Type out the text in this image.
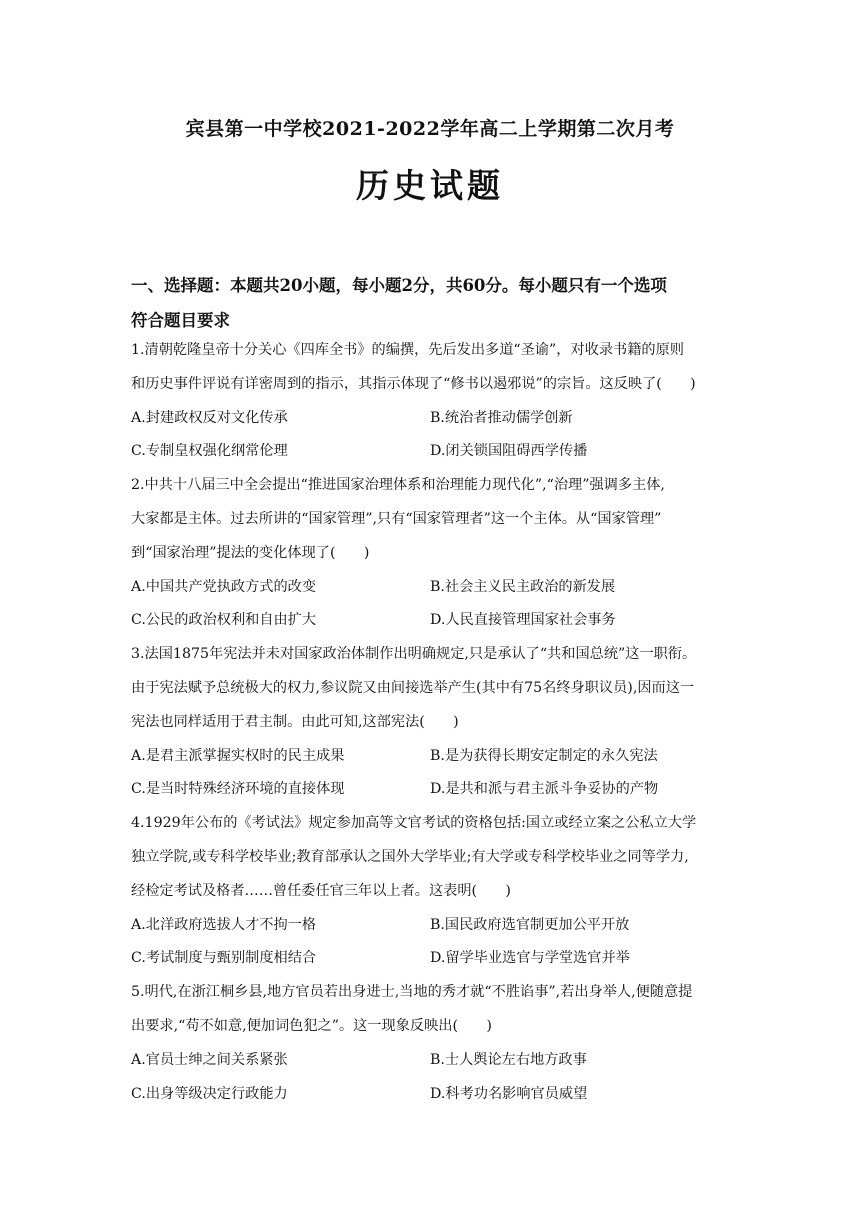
宾县第一中学校2021-2022学年高二上学期第二次月考
历史试题
一、选择题：本题共20小题，每小题2分，共60分。每小题只有一个选项
符合题目要求
1.清朝乾隆皇帝十分关心《四库全书》的编撰，先后发出多道“圣谕”，对收录书籍的原则
和历史事件评说有详密周到的指示，其指示体现了“修书以遏邪说”的宗旨。这反映了(　　)
A.封建政权反对文化传承	B.统治者推动儒学创新
C.专制皇权强化纲常伦理	D.闭关锁国阻碍西学传播
2.中共十八届三中全会提出“推进国家治理体系和治理能力现代化”,“治理”强调多主体,
大家都是主体。过去所讲的“国家管理”,只有“国家管理者”这一个主体。从“国家管理”
到“国家治理”提法的变化体现了(　　)
A.中国共产党执政方式的改变	B.社会主义民主政治的新发展
C.公民的政治权利和自由扩大	D.人民直接管理国家社会事务
3.法国1875年宪法并未对国家政治体制作出明确规定,只是承认了“共和国总统”这一职衔。
由于宪法赋予总统极大的权力,参议院又由间接选举产生(其中有75名终身职议员),因而这一
宪法也同样适用于君主制。由此可知,这部宪法(　　)
A.是君主派掌握实权时的民主成果	B.是为获得长期安定制定的永久宪法
C.是当时特殊经济环境的直接体现	D.是共和派与君主派斗争妥协的产物
4.1929年公布的《考试法》规定参加高等文官考试的资格包括:国立或经立案之公私立大学
独立学院,或专科学校毕业;教育部承认之国外大学毕业;有大学或专科学校毕业之同等学力,
经检定考试及格者……曾任委任官三年以上者。这表明(　　)
A.北洋政府选拔人才不拘一格	B.国民政府选官制更加公平开放
C.考试制度与甄别制度相结合	D.留学毕业选官与学堂选官并举
5.明代,在浙江桐乡县,地方官员若出身进士,当地的秀才就“不胜谄事”,若出身举人,便随意提
出要求,“苟不如意,便加词色犯之”。这一现象反映出(　　)
A.官员士绅之间关系紧张	B.士人舆论左右地方政事
C.出身等级决定行政能力	D.科考功名影响官员威望
